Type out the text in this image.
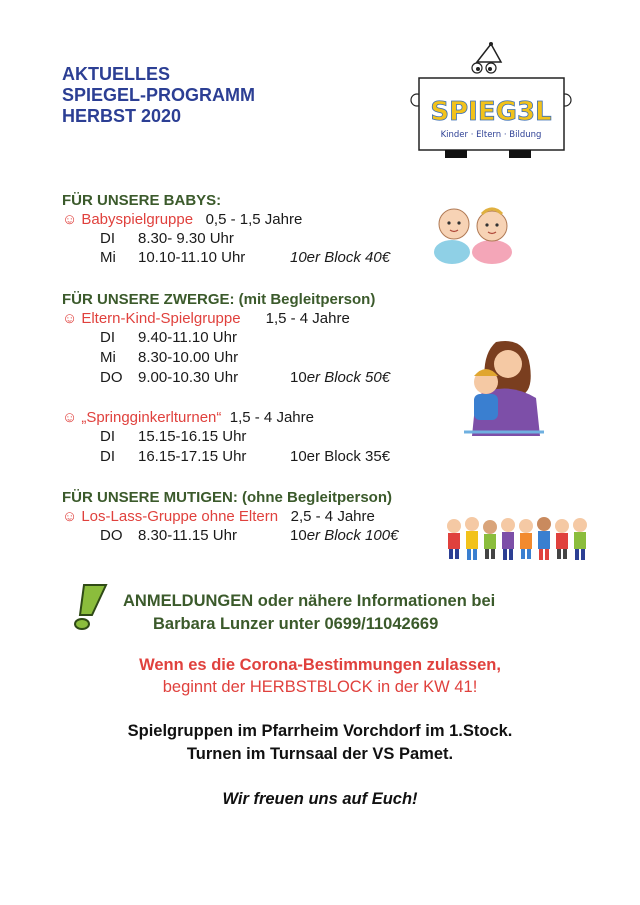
AKTUELLES
SPIEGEL-PROGRAMM
HERBST 2020	SPIEG3L
Kinder · Eltern · Bildung
FÜR UNSERE BABYS:
☺ Babyspielgruppe 0,5 - 1,5 Jahre
DI 8.30- 9.30 Uhr
Mi 10.10-11.10 Uhr	10er Block 40€
FÜR UNSERE ZWERGE: (mit Begleitperson)
☺ Eltern-Kind-Spielgruppe 1,5 - 4 Jahre
DI 9.40-11.10 Uhr
Mi 8.30-10.00 Uhr
DO 9.00-10.30 Uhr	10er Block 50€
☺ „Springginkerlturnen“ 1,5 - 4 Jahre
DI 15.15-16.15 Uhr
DI 16.15-17.15 Uhr	10er Block 35€
FÜR UNSERE MUTIGEN: (ohne Begleitperson)
☺ Los-Lass-Gruppe ohne Eltern 2,5 - 4 Jahre
DO 8.30-11.15 Uhr	10er Block 100€
ANMELDUNGEN oder nähere Informationen bei
Barbara Lunzer unter 0699/11042669
Wenn es die Corona-Bestimmungen zulassen,
beginnt der HERBSTBLOCK in der KW 41!
Spielgruppen im Pfarrheim Vorchdorf im 1.Stock.
Turnen im Turnsaal der VS Pamet.
Wir freuen uns auf Euch!
